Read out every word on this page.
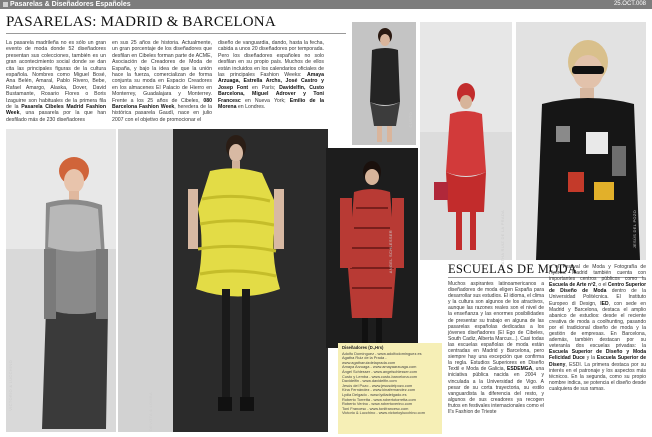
Pasarelas & Diseñadores Españoles	25.OCT.008
PASARELAS: MADRID & BARCELONA
La pasarela madrileña no es sólo un gran evento de moda donde 52 diseñadores presentan sus colecciones, también es un gran acontecimiento social donde se dan cita las principales figuras de la cultura española. Nombres como Miguel Bosé, Ana Belén, Amaral, Pablo Rivero, Bebe, Rafael Amargo, Alaska, Dover, David Bustamante, Rosario Flores o Boris Izaguirre son habituales de la primera fila de la Pasarela Cibeles Madrid Fashion Week, una pasarela por la que han desfilado más de 230 diseñadores
en sus 25 años de historia. Actualmente, un gran porcentaje de los diseñadores que desfilan en Cibeles forman parte de ACME, Asociación de Creadores de Moda de España, y bajo la idea de que la unión hace la fuerza, comercializan de forma conjunta su moda en Espacio Creadores en los almacenes El Palacio de Hierro en Monterrey, Guadalajara y Monterrey. Frente a los 25 años de Cibeles, 080 Barcelona Fashion Week, heredera de la histórica pasarela Gaudí, nace en julio 2007 con el objetivo de promocionar el
diseño de vanguardia, dando, hasta la fecha, cabida a unos 20 diseñadores por temporada. Pero los diseñadores españoles no solo desfilan en su propio país. Muchos de ellos están incluidos en los calendarios oficiales de las principales Fashion Weeks: Amaya Arzuaga, Estrella Archs, José Castro y Josep Font en París; Davidelfin, Custo Barcelona, Miguel Adrover y Toni Francesc en Nueva York; Emilio de la Morena en Londres.
VICTORIO & LUCCHINO
DEVOTA & LOMBA
CUSTO
ANGEL SCHLESSER	AGATHA RUIZ DE LA PRADA	JESÚS DEL POZO
ESCUELAS DE MODA
Muchos aspirantes latinoamericanos a diseñadores de moda eligen España para desarrollar sus estudios. El idioma, el clima y la cultura son algunos de los atractivos, aunque las razones reales son el nivel de la enseñanza y las enormes posibilidades de presentar su trabajo en alguna de las pasarelas españolas dedicadas a los jóvenes diseñadores (El Ego de Cibeles, South Cadiz, Alberta Marcus...). Casi todas las escuelas españolas de moda están centradas en Madrid y Barcelona, pero siempre hay una excepción que confirma la regla. Estudios Superiores en Diseño Textil e Moda de Galicia, ESDEMGA, una iniciativa pública nacida en 2004 y vinculada a la Universidad de Vigo. A pesar de su corta trayectoria, su estilo vanguardista la diferencia del resto, y algunos de sus creadores ya recogen frutos en festivales internacionales como el Il's Fashion de Trieste
o el Festival de Moda y Fotografía de Hyères. Madrid también cuenta con importantes centros públicos como la Escuela de Arte nº2, o el Centro Superior de Diseño de Moda dentro de la Universidad Politécnica. El Instituto Europeo di Design, IED, con sede en Madrid y Barcelona, destaca el amplio abanico de estudios: desde el reciente creativa de moda a coolhunting, pasando por el tradicional diseño de moda y la gestión de empresas. En Barcelona, además, también destacan por su veteranía dos escuelas privadas: la Escuela Superior de Diseño y Moda Felicidad Duce y la Escuela Superior de Diseny, ESDI. La primera destaca por su interés en el patronaje y los aspectos más técnicos. En la segunda, como su propio nombre indica, se potencia el diseño desde cualquiera de sus ramas.
Diseñadores (D.,Hrs)
Adolfo Domínguez - www.adolfodominguez.es
Agatha Ruiz de la Prada - www.agatharuizdelaprada.com
Amaya Arzuaga - www.amayaarzuaga.com
Ángel Schlesser - www.angelschlesser.com
Custo y Lemba - www.custo-barcelona.com
Davidelfin - www.davidelfin.com
Jesús del Pozo - www.jesusdelpozo.com
Kina Fernández - www.kinafernandez.com
Lydia Delgado - www.lydiadelgado.es
Roberto Torretta - www.robertotorretta.com
Roberto Verino - www.robertoverino.com
Toni Francesc - www.tonifrancesc.com
Victorio & Lucchino - www.victorioylucchino.com
